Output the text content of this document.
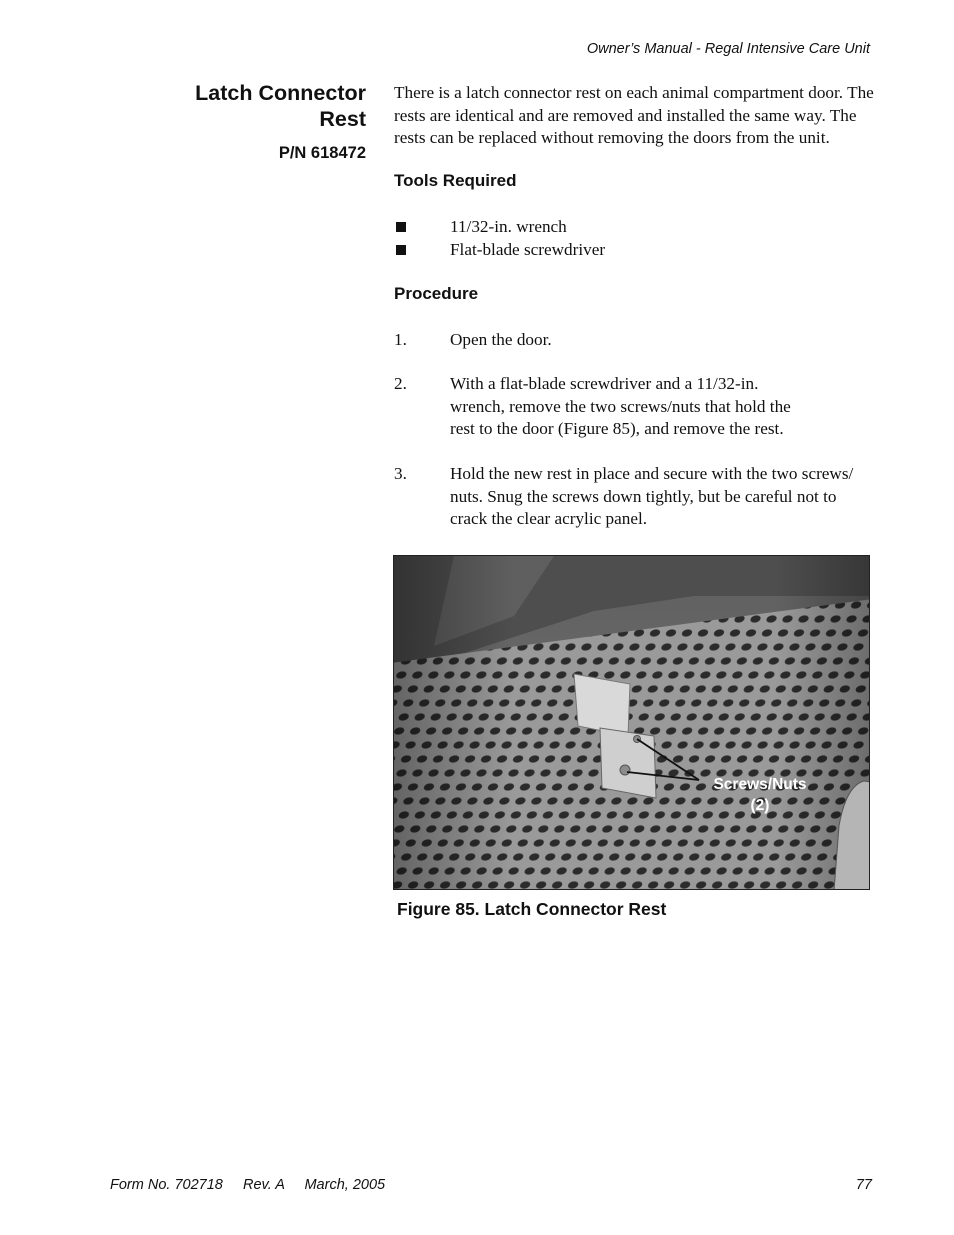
Owner’s Manual - Regal Intensive Care Unit
Latch Connector
Rest
P/N 618472

There is a latch connector rest on each animal compartment door. The rests are identical and are removed and installed the same way. The rests can be replaced without removing the doors from the unit.

Tools Required
11/32-in. wrench
Flat-blade screwdriver
Procedure
1.	Open the door.
2.	With a flat-blade screwdriver and a 11/32-in. wrench, remove the two screws/nuts that hold the rest to the door (Figure 85), and remove the rest.
3.	Hold the new rest in place and secure with the two screws/ nuts. Snug the screws down tightly, but be careful not to crack the clear acrylic panel.
Screws/Nuts
(2)
Figure 85. Latch Connector Rest
Form No. 702718     Rev. A     March, 2005	77
